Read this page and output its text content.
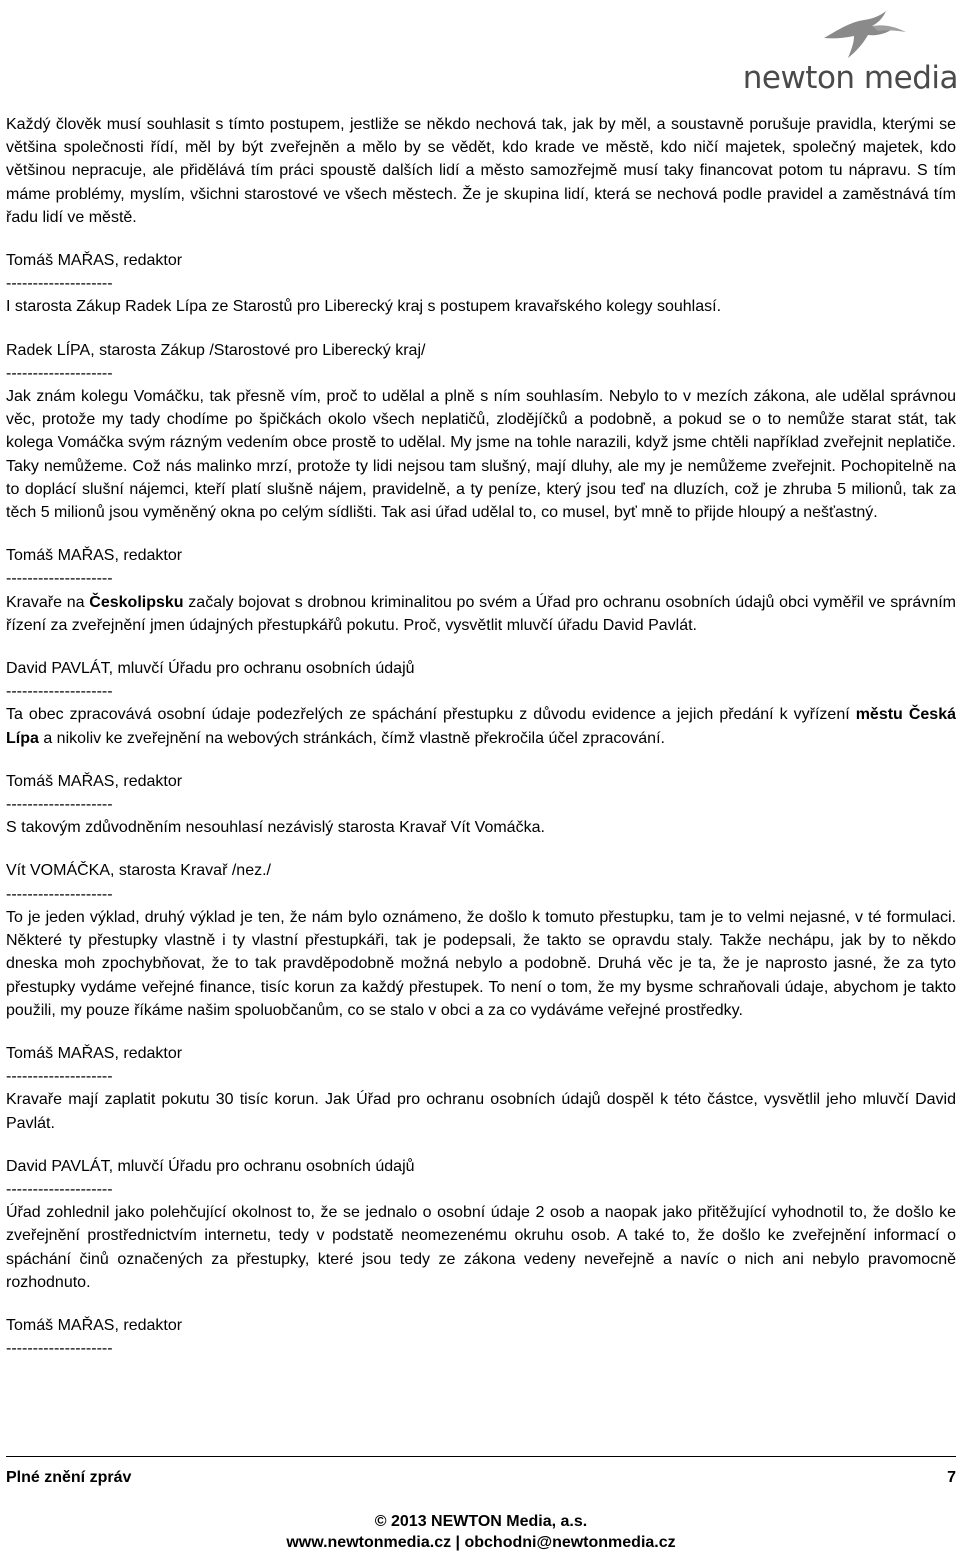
newton media

Každý člověk musí souhlasit s tímto postupem, jestliže se někdo nechová tak, jak by měl, a soustavně porušuje pravidla, kterými se většina společnosti řídí, měl by být zveřejněn a mělo by se vědět, kdo krade ve městě, kdo ničí majetek, společný majetek, kdo většinou nepracuje, ale přidělává tím práci spoustě dalších lidí a město samozřejmě musí taky financovat potom tu nápravu. S tím máme problémy, myslím, všichni starostové ve všech městech. Že je skupina lidí, která se nechová podle pravidel a zaměstnává tím řadu lidí ve městě.

Tomáš MAŘAS, redaktor
--------------------

I starosta Zákup Radek Lípa ze Starostů pro Liberecký kraj s postupem kravařského kolegy souhlasí.

Radek LÍPA, starosta Zákup /Starostové pro Liberecký kraj/
--------------------

Jak znám kolegu Vomáčku, tak přesně vím, proč to udělal a plně s ním souhlasím. Nebylo to v mezích zákona, ale udělal správnou věc, protože my tady chodíme po špičkách okolo všech neplatičů, zlodějíčků a podobně, a pokud se o to nemůže starat stát, tak kolega Vomáčka svým rázným vedením obce prostě to udělal. My jsme na tohle narazili, když jsme chtěli například zveřejnit neplatiče. Taky nemůžeme. Což nás malinko mrzí, protože ty lidi nejsou tam slušný, mají dluhy, ale my je nemůžeme zveřejnit. Pochopitelně na to doplácí slušní nájemci, kteří platí slušně nájem, pravidelně, a ty peníze, který jsou teď na dluzích, což je zhruba 5 milionů, tak za těch 5 milionů jsou vyměněný okna po celým sídlišti. Tak asi úřad udělal to, co musel, byť mně to přijde hloupý a nešťastný.

Tomáš MAŘAS, redaktor
--------------------

Kravaře na Českolipsku začaly bojovat s drobnou kriminalitou po svém a Úřad pro ochranu osobních údajů obci vyměřil ve správním řízení za zveřejnění jmen údajných přestupkářů pokutu. Proč, vysvětlit mluvčí úřadu David Pavlát.

David PAVLÁT, mluvčí Úřadu pro ochranu osobních údajů
--------------------

Ta obec zpracovává osobní údaje podezřelých ze spáchání přestupku z důvodu evidence a jejich předání k vyřízení městu Česká Lípa a nikoliv ke zveřejnění na webových stránkách, čímž vlastně překročila účel zpracování.

Tomáš MAŘAS, redaktor
--------------------

S takovým zdůvodněním nesouhlasí nezávislý starosta Kravař Vít Vomáčka.

Vít VOMÁČKA, starosta Kravař /nez./
--------------------

To je jeden výklad, druhý výklad je ten, že nám bylo oznámeno, že došlo k tomuto přestupku, tam je to velmi nejasné, v té formulaci. Některé ty přestupky vlastně i ty vlastní přestupkáři, tak je podepsali, že takto se opravdu staly. Takže nechápu, jak by to někdo dneska moh zpochybňovat, že to tak pravděpodobně možná nebylo a podobně. Druhá věc je ta, že je naprosto jasné, že za tyto přestupky vydáme veřejné finance, tisíc korun za každý přestupek. To není o tom, že my bysme schraňovali údaje, abychom je takto použili, my pouze říkáme našim spoluobčanům, co se stalo v obci a za co vydáváme veřejné prostředky.

Tomáš MAŘAS, redaktor
--------------------

Kravaře mají zaplatit pokutu 30 tisíc korun. Jak Úřad pro ochranu osobních údajů dospěl k této částce, vysvětlil jeho mluvčí David Pavlát.

David PAVLÁT, mluvčí Úřadu pro ochranu osobních údajů
--------------------

Úřad zohlednil jako polehčující okolnost to, že se jednalo o osobní údaje 2 osob a naopak jako přitěžující vyhodnotil to, že došlo ke zveřejnění prostřednictvím internetu, tedy v podstatě neomezenému okruhu osob. A také to, že došlo ke zveřejnění informací o spáchání činů označených za přestupky, které jsou tedy ze zákona vedeny neveřejně a navíc o nich ani nebylo pravomocně rozhodnuto.

Tomáš MAŘAS, redaktor
--------------------
Plné znění zpráv	7
© 2013 NEWTON Media, a.s.
www.newtonmedia.cz | obchodni@newtonmedia.cz
